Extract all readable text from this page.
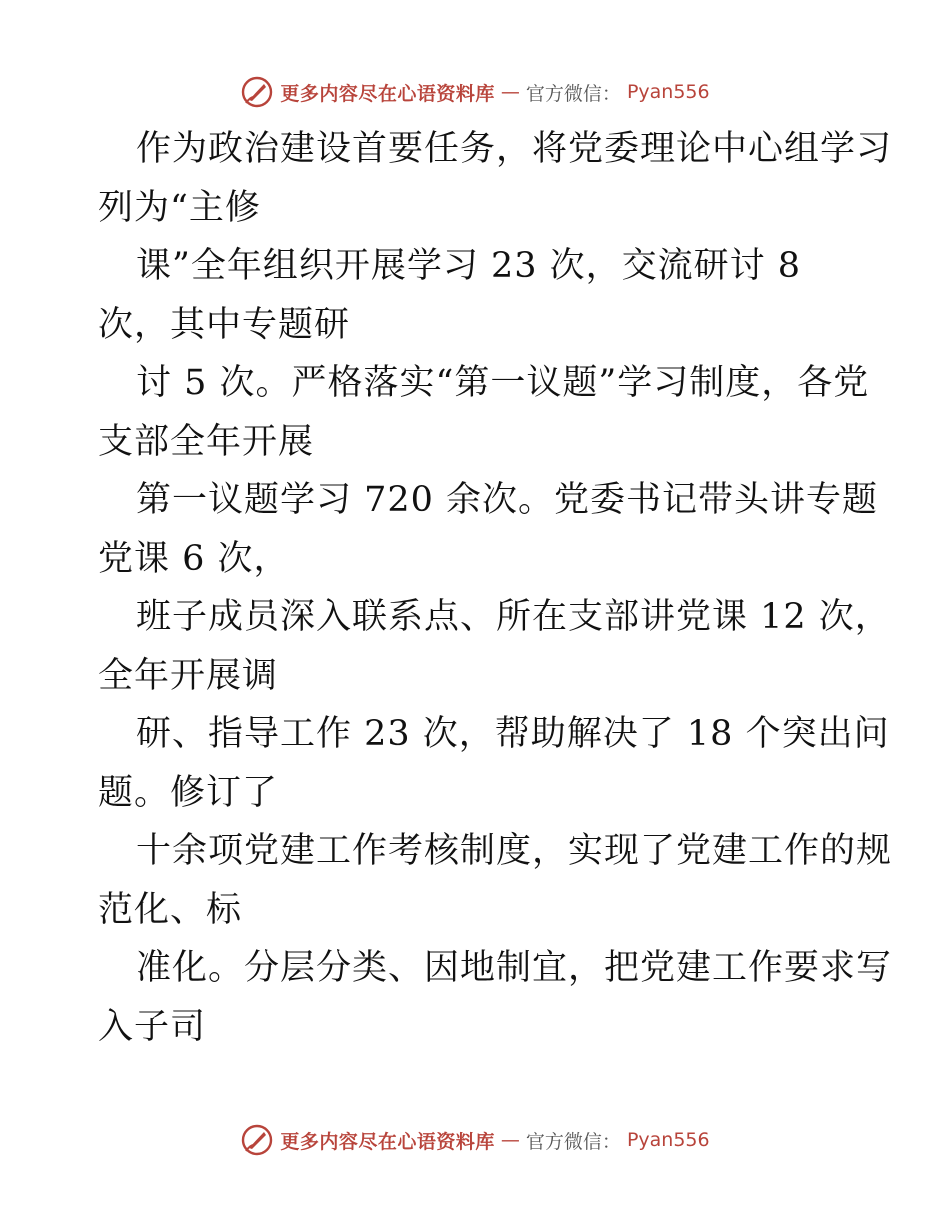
更多内容尽在心语资料库 — 官方微信： Pyan556
作为政治建设首要任务，将党委理论中心组学习
列为“主修
课”全年组织开展学习 23 次，交流研讨 8
次，其中专题研
讨 5 次。严格落实“第一议题”学习制度，各党
支部全年开展
第一议题学习 720 余次。党委书记带头讲专题
党课 6 次，
班子成员深入联系点、所在支部讲党课 12 次，
全年开展调
研、指导工作 23 次，帮助解决了 18 个突出问
题。修订了
十余项党建工作考核制度，实现了党建工作的规
范化、标
准化。分层分类、因地制宜，把党建工作要求写
入子司
更多内容尽在心语资料库 — 官方微信： Pyan556
